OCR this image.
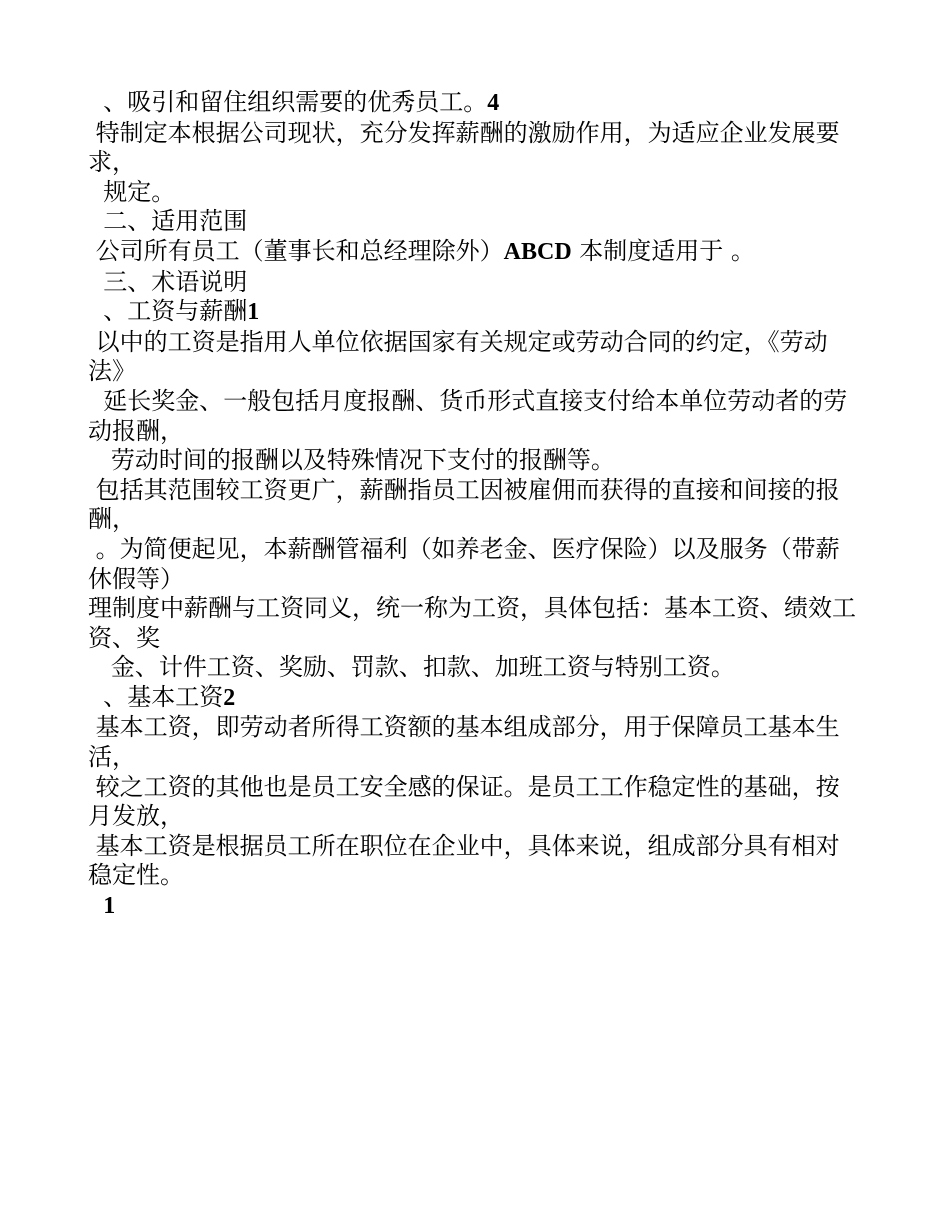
、吸引和留住组织需要的优秀员工。4

特制定本根据公司现状，充分发挥薪酬的激励作用，为适应企业发展要求，

规定。

二、适用范围

公司所有员工（董事长和总经理除外）ABCD 本制度适用于 。

三、术语说明

、工资与薪酬1

以中的工资是指用人单位依据国家有关规定或劳动合同的约定，《劳动法》

延长奖金、一般包括月度报酬、货币形式直接支付给本单位劳动者的劳动报酬，

劳动时间的报酬以及特殊情况下支付的报酬等。

包括其范围较工资更广，薪酬指员工因被雇佣而获得的直接和间接的报酬，

。为简便起见，本薪酬管福利（如养老金、医疗保险）以及服务（带薪休假等）

理制度中薪酬与工资同义，统一称为工资，具体包括：基本工资、绩效工资、奖

金、计件工资、奖励、罚款、扣款、加班工资与特别工资。

、基本工资2

基本工资，即劳动者所得工资额的基本组成部分，用于保障员工基本生活，

较之工资的其他也是员工安全感的保证。是员工工作稳定性的基础，按月发放，

基本工资是根据员工所在职位在企业中，具体来说，组成部分具有相对稳定性。

1
